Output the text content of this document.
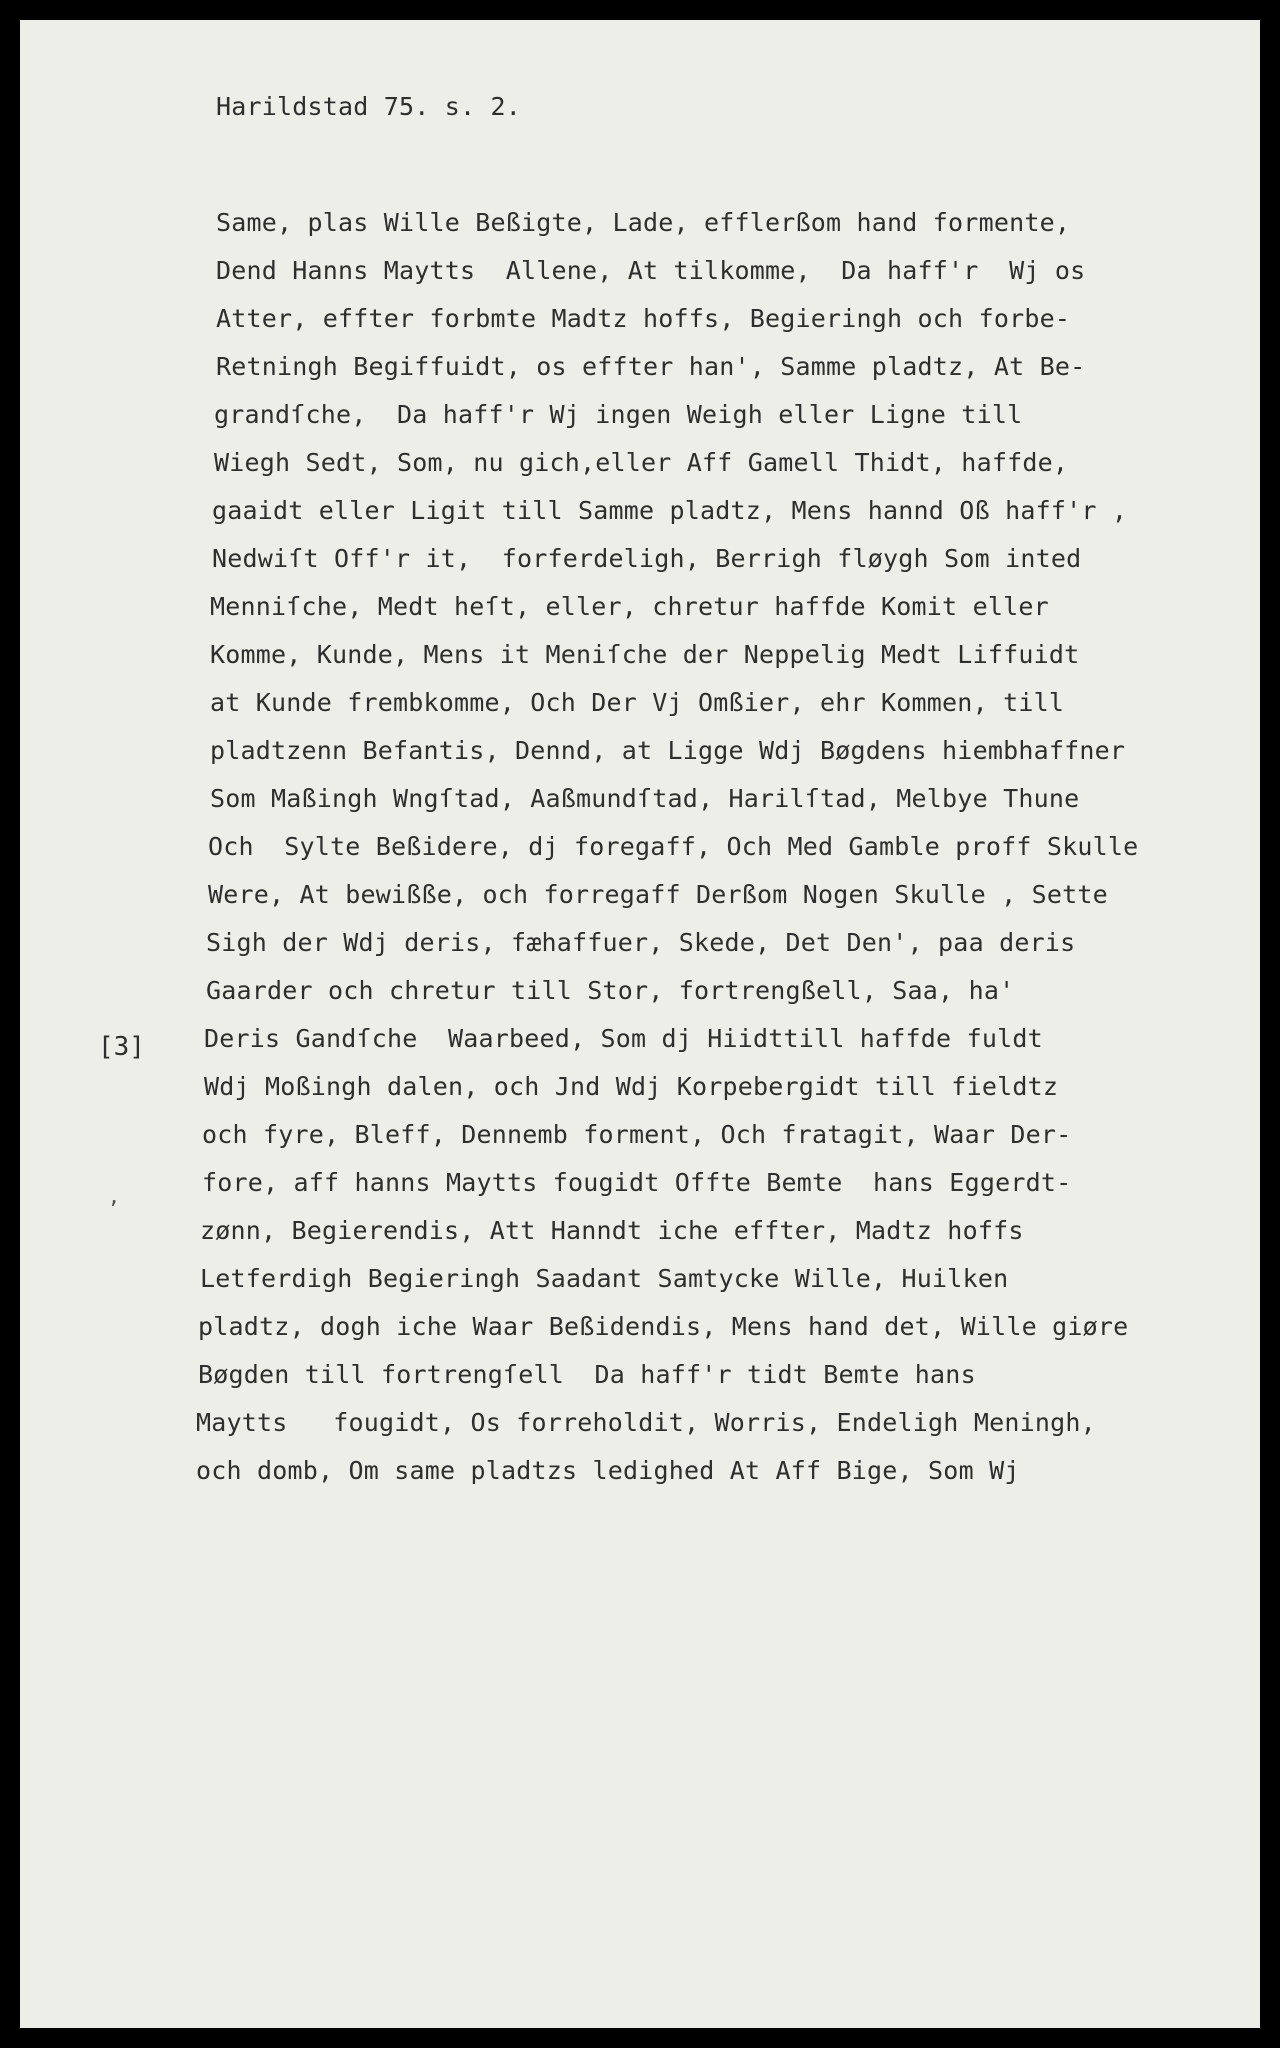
Harildstad 75. s. 2.
[3]
Same, plas Wille Beßigte, Lade, efflerßom hand formente,
Dend Hanns Maytts  Allene, At tilkomme,  Da haff'r  Wj os
Atter, effter forbmte Madtz hoffs, Begieringh och forbe-
Retningh Begiffuidt, os effter han', Samme pladtz, At Be-
grandſche,  Da haff'r Wj ingen Weigh eller Ligne till
Wiegh Sedt, Som, nu gich,eller Aff Gamell Thidt, haffde,
gaaidt eller Ligit till Samme pladtz, Mens hannd Oß haff'r ,
Nedwiſt Off'r it,  forferdeligh, Berrigh fløygh Som inted
Menniſche, Medt heſt, eller, chretur haffde Komit eller
Komme, Kunde, Mens it Meniſche der Neppelig Medt Liffuidt
at Kunde frembkomme, Och Der Vj Omßier, ehr Kommen, till
pladtzenn Befantis, Dennd, at Ligge Wdj Bøgdens hiembhaffner
Som Maßingh Wngſtad, Aaßmundſtad, Harilſtad, Melbye Thune
Och  Sylte Beßidere, dj foregaff, Och Med Gamble proff Skulle
Were, At bewißße, och forregaff Derßom Nogen Skulle , Sette
Sigh der Wdj deris, fæhaffuer, Skede, Det Den', paa deris
Gaarder och chretur till Stor, fortrengßell, Saa, ha'
Deris Gandſche  Waarbeed, Som dj Hiidttill haffde fuldt
Wdj Moßingh dalen, och Jnd Wdj Korpebergidt till fieldtz
och fyre, Bleff, Dennemb forment, Och fratagit, Waar Der-
fore, aff hanns Maytts fougidt Offte Bemte  hans Eggerdt-
zønn, Begierendis, Att Hanndt iche effter, Madtz hoffs
Letferdigh Begieringh Saadant Samtycke Wille, Huilken
pladtz, dogh iche Waar Beßidendis, Mens hand det, Wille giøre
Bøgden till fortrengſell  Da haff'r tidt Bemte hans
Maytts   fougidt, Os forreholdit, Worris, Endeligh Meningh,
och domb, Om same pladtzs ledighed At Aff Bige, Som Wj
,
